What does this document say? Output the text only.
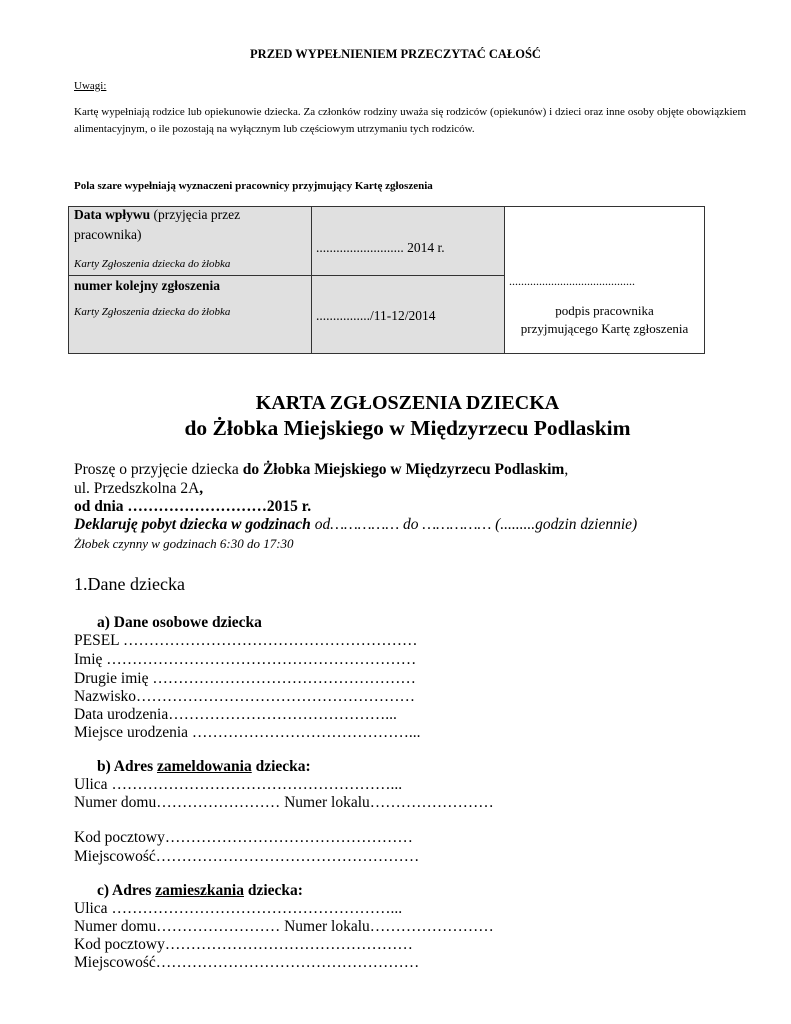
PRZED WYPEŁNIENIEM PRZECZYTAĆ CAŁOŚĆ
Uwagi:
Kartę wypełniają rodzice lub opiekunowie dziecka. Za członków rodziny uważa się rodziców (opiekunów) i dzieci oraz inne osoby objęte obowiązkiem alimentacyjnym, o ile pozostają na wyłącznym lub częściowym utrzymaniu tych rodziców.
Pola szare wypełniają wyznaczeni pracownicy przyjmujący Kartę zgłoszenia
Data wpływu (przyjęcia przez
pracownika)
Karty Zgłoszenia dziecka do żłobka
.......................... 2014 r.
numer kolejny zgłoszenia
Karty Zgłoszenia dziecka do żłobka	................/11-12/2014
..........................................
podpis pracownika
przyjmującego Kartę zgłoszenia
KARTA ZGŁOSZENIA DZIECKA
do Żłobka Miejskiego w Międzyrzecu Podlaskim
Proszę o przyjęcie dziecka do Żłobka Miejskiego w Międzyrzecu Podlaskim,
ul. Przedszkolna 2A,
od dnia ………………………2015 r.
Deklaruję pobyt dziecka w godzinach od…………… do …………… (.........godzin dziennie)
Żłobek czynny w godzinach 6:30 do 17:30
1.Dane dziecka
a) Dane osobowe dziecka
PESEL …………………………………………………
Imię ……………………………………………………
Drugie imię ……………………………………………
Nazwisko………………………………………………
Data urodzenia……………………………………...
Miejsce urodzenia ……………………………………...
b) Adres zameldowania dziecka:
Ulica ………………………………………………...
Numer domu…………………… Numer lokalu……………………
Kod pocztowy…………………………………………
Miejscowość……………………………………………
c) Adres zamieszkania dziecka:
Ulica ………………………………………………...
Numer domu…………………… Numer lokalu……………………
Kod pocztowy…………………………………………
Miejscowość……………………………………………
